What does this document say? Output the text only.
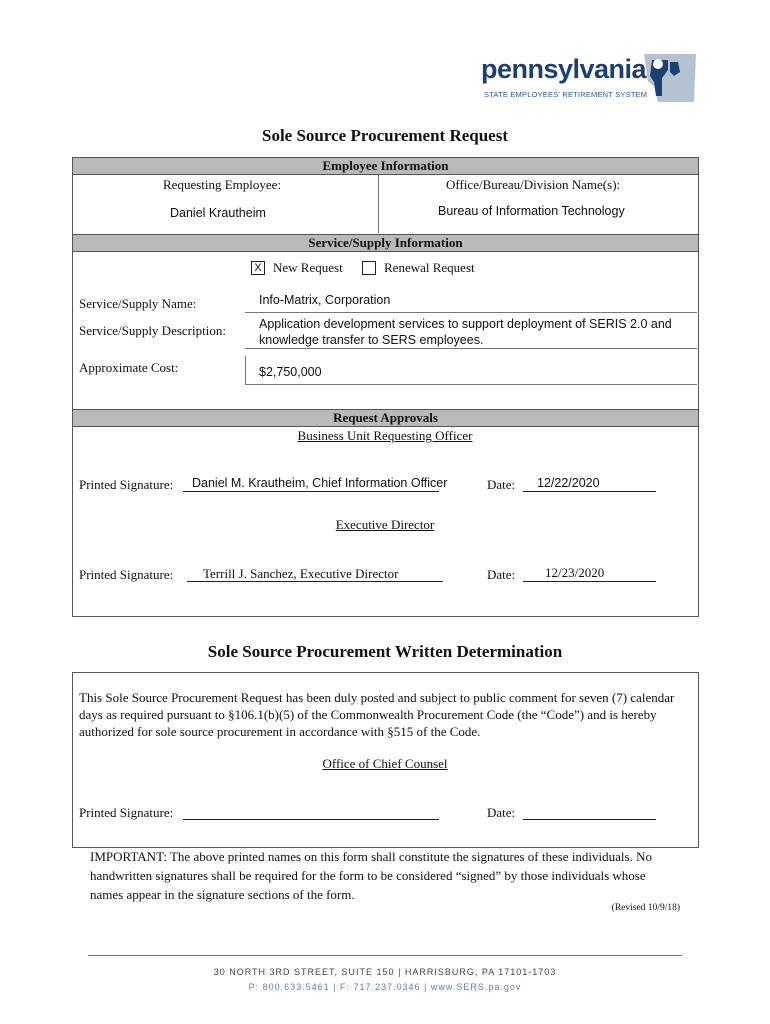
pennsylvania
STATE EMPLOYEES' RETIREMENT SYSTEM
Sole Source Procurement Request
Employee Information
Requesting Employee:	Office/Bureau/Division Name(s):
Daniel Krautheim	Bureau of Information Technology
Service/Supply Information
X New Request	Renewal Request
Service/Supply Name:	Info-Matrix, Corporation
Service/Supply Description:	Application development services to support deployment of SERIS 2.0 and knowledge transfer to SERS employees.
Approximate Cost:	$2,750,000
Request Approvals
Business Unit Requesting Officer
Printed Signature: Daniel M. Krautheim, Chief Information Officer	Date: 12/22/2020
Executive Director
Printed Signature: Terrill J. Sanchez, Executive Director	Date: 12/23/2020
Sole Source Procurement Written Determination
This Sole Source Procurement Request has been duly posted and subject to public comment for seven (7) calendar days as required pursuant to §106.1(b)(5) of the Commonwealth Procurement Code (the “Code”) and is hereby authorized for sole source procurement in accordance with §515 of the Code.
Office of Chief Counsel
Printed Signature:	Date:
IMPORTANT: The above printed names on this form shall constitute the signatures of these individuals. No handwritten signatures shall be required for the form to be considered “signed” by those individuals whose names appear in the signature sections of the form.
(Revised 10/9/18)
30 NORTH 3RD STREET, SUITE 150 | HARRISBURG, PA 17101-1703
P: 800.633.5461 | F: 717.237.0346 | www.SERS.pa.gov
